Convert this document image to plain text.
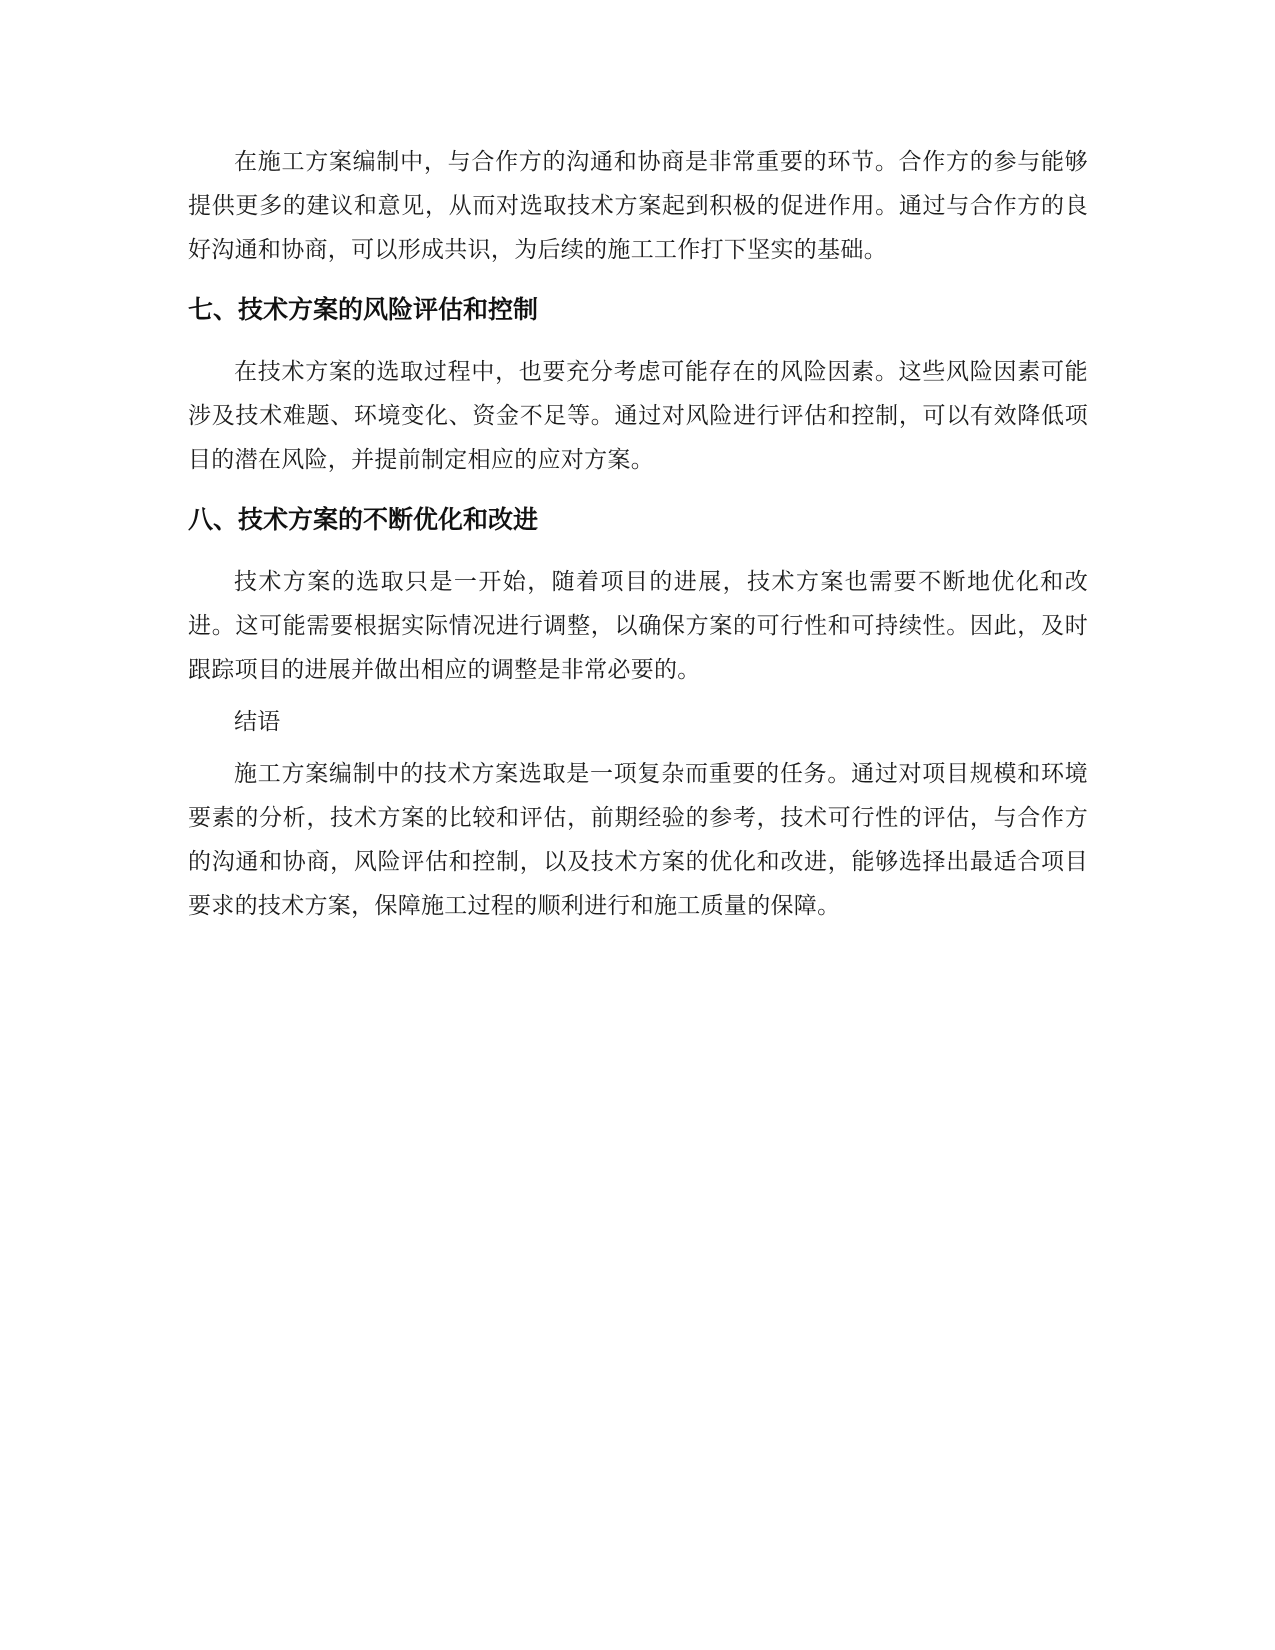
在施工方案编制中，与合作方的沟通和协商是非常重要的环节。合作方的参与能够提供更多的建议和意见，从而对选取技术方案起到积极的促进作用。通过与合作方的良好沟通和协商，可以形成共识，为后续的施工工作打下坚实的基础。

七、技术方案的风险评估和控制

在技术方案的选取过程中，也要充分考虑可能存在的风险因素。这些风险因素可能涉及技术难题、环境变化、资金不足等。通过对风险进行评估和控制，可以有效降低项目的潜在风险，并提前制定相应的应对方案。

八、技术方案的不断优化和改进

技术方案的选取只是一开始，随着项目的进展，技术方案也需要不断地优化和改进。这可能需要根据实际情况进行调整，以确保方案的可行性和可持续性。因此，及时跟踪项目的进展并做出相应的调整是非常必要的。

结语

施工方案编制中的技术方案选取是一项复杂而重要的任务。通过对项目规模和环境要素的分析，技术方案的比较和评估，前期经验的参考，技术可行性的评估，与合作方的沟通和协商，风险评估和控制，以及技术方案的优化和改进，能够选择出最适合项目要求的技术方案，保障施工过程的顺利进行和施工质量的保障。
